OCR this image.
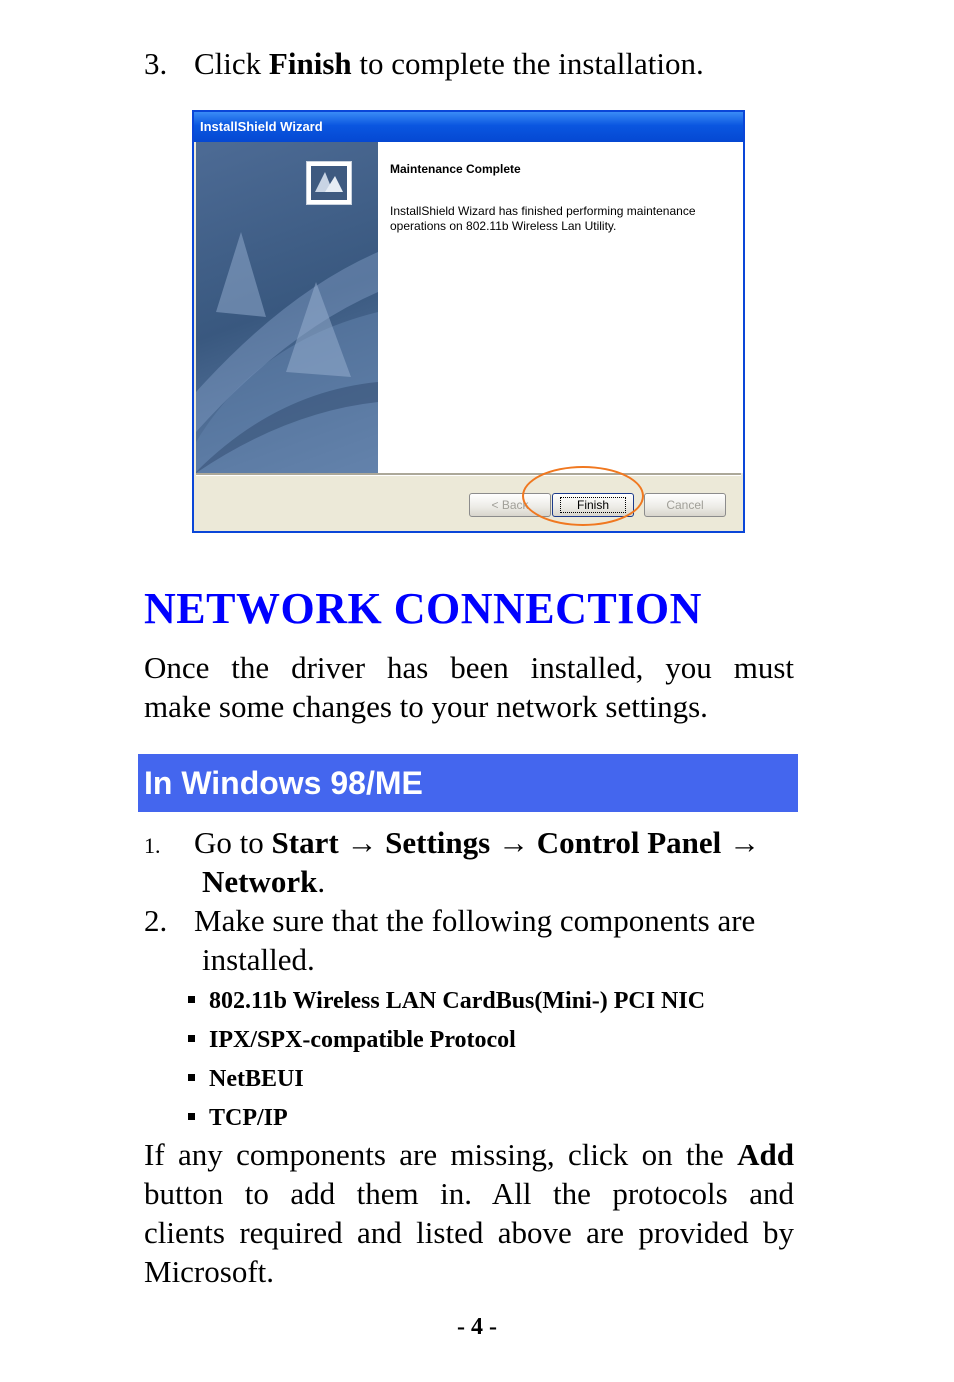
3. Click Finish to complete the installation.
InstallShield Wizard
Maintenance Complete
InstallShield Wizard has finished performing maintenance operations on 802.11b Wireless Lan Utility.
< Back	Finish	Cancel
NETWORK CONNECTION
Once the driver has been installed, you must
make some changes to your network settings.
In Windows 98/ME
1. Go to Start → Settings → Control Panel →
Network.
2. Make sure that the following components are
installed.
802.11b Wireless LAN CardBus(Mini-) PCI NIC
IPX/SPX-compatible Protocol
NetBEUI
TCP/IP
If any components are missing, click on the Add
button to add them in. All the protocols and
clients required and listed above are provided by
Microsoft.
- 4 -
